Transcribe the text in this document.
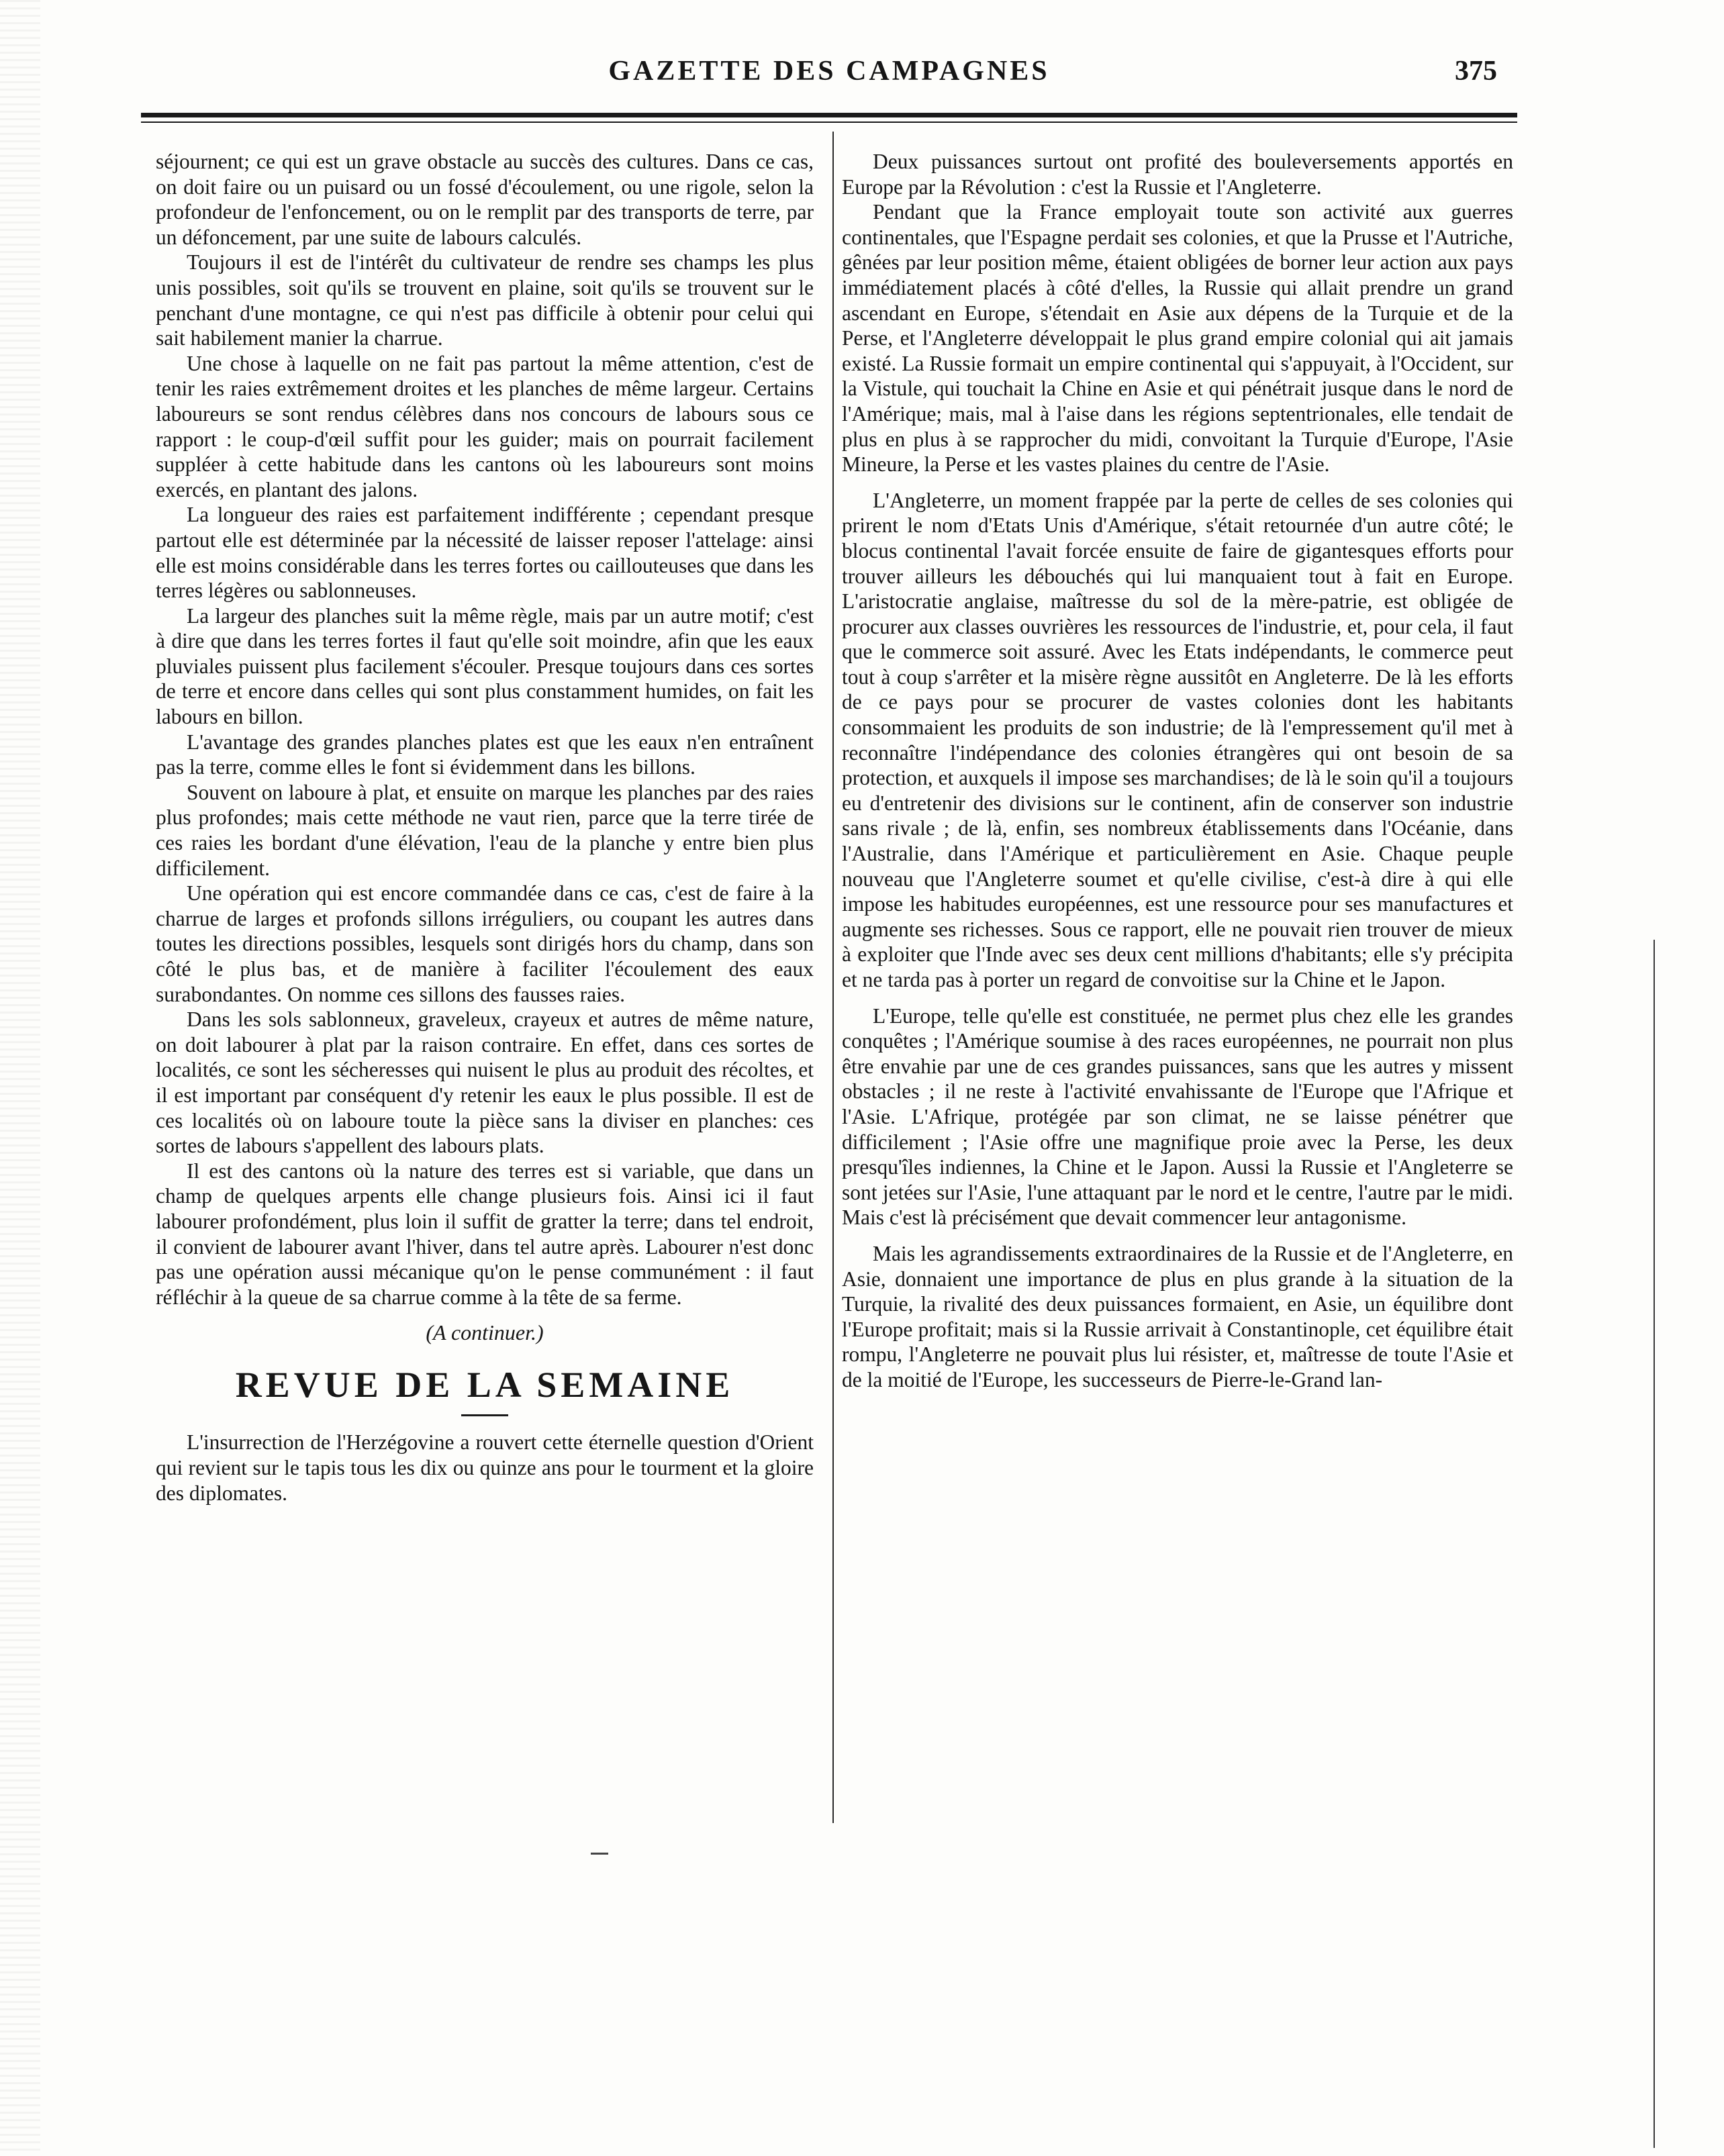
GAZETTE DES CAMPAGNES	375

séjournent; ce qui est un grave obstacle au succès des cultures. Dans ce cas, on doit faire ou un puisard ou un fossé d'écoulement, ou une rigole, selon la profondeur de l'enfoncement, ou on le remplit par des transports de terre, par un défoncement, par une suite de labours calculés.

Toujours il est de l'intérêt du cultivateur de rendre ses champs les plus unis possibles, soit qu'ils se trouvent en plaine, soit qu'ils se trouvent sur le penchant d'une montagne, ce qui n'est pas difficile à obtenir pour celui qui sait habilement manier la charrue.

Une chose à laquelle on ne fait pas partout la même attention, c'est de tenir les raies extrêmement droites et les planches de même largeur. Certains laboureurs se sont rendus célèbres dans nos concours de labours sous ce rapport : le coup-d'œil suffit pour les guider; mais on pourrait facilement suppléer à cette habitude dans les cantons où les laboureurs sont moins exercés, en plantant des jalons.

La longueur des raies est parfaitement indifférente ; cependant presque partout elle est déterminée par la nécessité de laisser reposer l'attelage: ainsi elle est moins considérable dans les terres fortes ou caillouteuses que dans les terres légères ou sablonneuses.

La largeur des planches suit la même règle, mais par un autre motif; c'est à dire que dans les terres fortes il faut qu'elle soit moindre, afin que les eaux pluviales puissent plus facilement s'écouler. Presque toujours dans ces sortes de terre et encore dans celles qui sont plus constamment humides, on fait les labours en billon.

L'avantage des grandes planches plates est que les eaux n'en entraînent pas la terre, comme elles le font si évidemment dans les billons.

Souvent on laboure à plat, et ensuite on marque les planches par des raies plus profondes; mais cette méthode ne vaut rien, parce que la terre tirée de ces raies les bordant d'une élévation, l'eau de la planche y entre bien plus difficilement.

Une opération qui est encore commandée dans ce cas, c'est de faire à la charrue de larges et profonds sillons irréguliers, ou coupant les autres dans toutes les directions possibles, lesquels sont dirigés hors du champ, dans son côté le plus bas, et de manière à faciliter l'écoulement des eaux surabondantes. On nomme ces sillons des fausses raies.

Dans les sols sablonneux, graveleux, crayeux et autres de même nature, on doit labourer à plat par la raison contraire. En effet, dans ces sortes de localités, ce sont les sécheresses qui nuisent le plus au produit des récoltes, et il est important par conséquent d'y retenir les eaux le plus possible. Il est de ces localités où on laboure toute la pièce sans la diviser en planches: ces sortes de labours s'appellent des labours plats.

Il est des cantons où la nature des terres est si variable, que dans un champ de quelques arpents elle change plusieurs fois. Ainsi ici il faut labourer profondément, plus loin il suffit de gratter la terre; dans tel endroit, il convient de labourer avant l'hiver, dans tel autre après. Labourer n'est donc pas une opération aussi mécanique qu'on le pense communément : il faut réfléchir à la queue de sa charrue comme à la tête de sa ferme.

(A continuer.)
REVUE DE LA SEMAINE

L'insurrection de l'Herzégovine a rouvert cette éternelle question d'Orient qui revient sur le tapis tous les dix ou quinze ans pour le tourment et la gloire des diplomates.

Deux puissances surtout ont profité des bouleversements apportés en Europe par la Révolution : c'est la Russie et l'Angleterre.

Pendant que la France employait toute son activité aux guerres continentales, que l'Espagne perdait ses colonies, et que la Prusse et l'Autriche, gênées par leur position même, étaient obligées de borner leur action aux pays immédiatement placés à côté d'elles, la Russie qui allait prendre un grand ascendant en Europe, s'étendait en Asie aux dépens de la Turquie et de la Perse, et l'Angleterre développait le plus grand empire colonial qui ait jamais existé. La Russie formait un empire continental qui s'appuyait, à l'Occident, sur la Vistule, qui touchait la Chine en Asie et qui pénétrait jusque dans le nord de l'Amérique; mais, mal à l'aise dans les régions septentrionales, elle tendait de plus en plus à se rapprocher du midi, convoitant la Turquie d'Europe, l'Asie Mineure, la Perse et les vastes plaines du centre de l'Asie.

L'Angleterre, un moment frappée par la perte de celles de ses colonies qui prirent le nom d'Etats Unis d'Amérique, s'était retournée d'un autre côté; le blocus continental l'avait forcée ensuite de faire de gigantesques efforts pour trouver ailleurs les débouchés qui lui manquaient tout à fait en Europe. L'aristocratie anglaise, maîtresse du sol de la mère-patrie, est obligée de procurer aux classes ouvrières les ressources de l'industrie, et, pour cela, il faut que le commerce soit assuré. Avec les Etats indépendants, le commerce peut tout à coup s'arrêter et la misère règne aussitôt en Angleterre. De là les efforts de ce pays pour se procurer de vastes colonies dont les habitants consommaient les produits de son industrie; de là l'empressement qu'il met à reconnaître l'indépendance des colonies étrangères qui ont besoin de sa protection, et auxquels il impose ses marchandises; de là le soin qu'il a toujours eu d'entretenir des divisions sur le continent, afin de conserver son industrie sans rivale ; de là, enfin, ses nombreux établissements dans l'Océanie, dans l'Australie, dans l'Amérique et particulièrement en Asie. Chaque peuple nouveau que l'Angleterre soumet et qu'elle civilise, c'est-à dire à qui elle impose les habitudes européennes, est une ressource pour ses manufactures et augmente ses richesses. Sous ce rapport, elle ne pouvait rien trouver de mieux à exploiter que l'Inde avec ses deux cent millions d'habitants; elle s'y précipita et ne tarda pas à porter un regard de convoitise sur la Chine et le Japon.

L'Europe, telle qu'elle est constituée, ne permet plus chez elle les grandes conquêtes ; l'Amérique soumise à des races européennes, ne pourrait non plus être envahie par une de ces grandes puissances, sans que les autres y missent obstacles ; il ne reste à l'activité envahissante de l'Europe que l'Afrique et l'Asie. L'Afrique, protégée par son climat, ne se laisse pénétrer que difficilement ; l'Asie offre une magnifique proie avec la Perse, les deux presqu'îles indiennes, la Chine et le Japon. Aussi la Russie et l'Angleterre se sont jetées sur l'Asie, l'une attaquant par le nord et le centre, l'autre par le midi. Mais c'est là précisément que devait commencer leur antagonisme.

Mais les agrandissements extraordinaires de la Russie et de l'Angleterre, en Asie, donnaient une importance de plus en plus grande à la situation de la Turquie, la rivalité des deux puissances formaient, en Asie, un équilibre dont l'Europe profitait; mais si la Russie arrivait à Constantinople, cet équilibre était rompu, l'Angleterre ne pouvait plus lui résister, et, maîtresse de toute l'Asie et de la moitié de l'Europe, les successeurs de Pierre-le-Grand lan-
